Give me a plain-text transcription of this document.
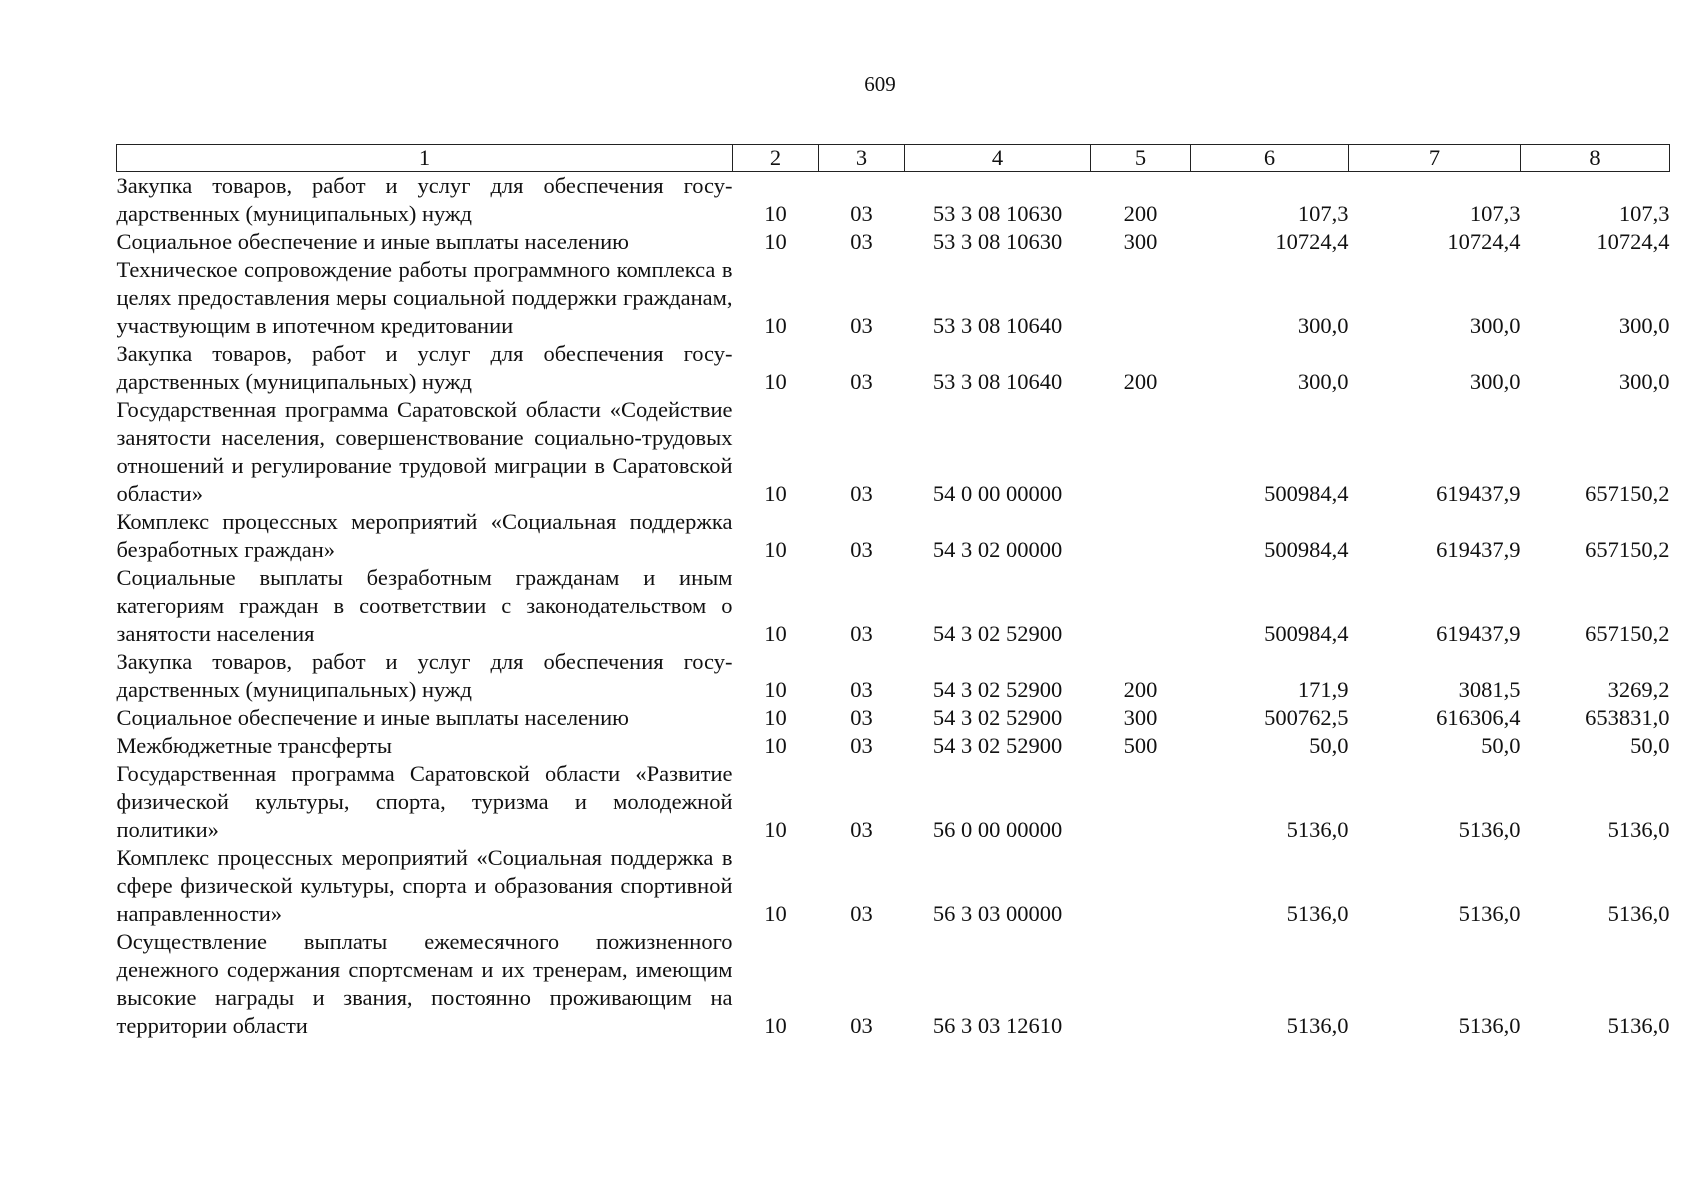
609
1	2	3	4	5	6	7	8
Закупка товаров, работ и услуг для обеспечения государственных (муниципальных) нужд	10	03	53 3 08 10630	200	107,3	107,3	107,3
Социальное обеспечение и иные выплаты населению	10	03	53 3 08 10630	300	10724,4	10724,4	10724,4
Техническое сопровождение работы программного комплекса в целях предоставления меры социальной поддержки гражданам, участвующим в ипотечном кредитовании	10	03	53 3 08 10640		300,0	300,0	300,0
Закупка товаров, работ и услуг для обеспечения государственных (муниципальных) нужд	10	03	53 3 08 10640	200	300,0	300,0	300,0
Государственная программа Саратовской области «Содействие занятости населения, совершенствование социально-трудовых отношений и регулирование трудовой миграции в Саратовской области»	10	03	54 0 00 00000		500984,4	619437,9	657150,2
Комплекс процессных мероприятий «Социальная поддержка безработных граждан»	10	03	54 3 02 00000		500984,4	619437,9	657150,2
Социальные выплаты безработным гражданам и иным категориям граждан в соответствии с законодательством о занятости населения	10	03	54 3 02 52900		500984,4	619437,9	657150,2
Закупка товаров, работ и услуг для обеспечения государственных (муниципальных) нужд	10	03	54 3 02 52900	200	171,9	3081,5	3269,2
Социальное обеспечение и иные выплаты населению	10	03	54 3 02 52900	300	500762,5	616306,4	653831,0
Межбюджетные трансферты	10	03	54 3 02 52900	500	50,0	50,0	50,0
Государственная программа Саратовской области «Развитие физической культуры, спорта, туризма и молодежной политики»	10	03	56 0 00 00000		5136,0	5136,0	5136,0
Комплекс процессных мероприятий «Социальная поддержка в сфере физической культуры, спорта и образования спортивной направленности»	10	03	56 3 03 00000		5136,0	5136,0	5136,0
Осуществление выплаты ежемесячного пожизненного денежного содержания спортсменам и их тренерам, имеющим высокие награды и звания, постоянно проживающим на территории области	10	03	56 3 03 12610		5136,0	5136,0	5136,0
